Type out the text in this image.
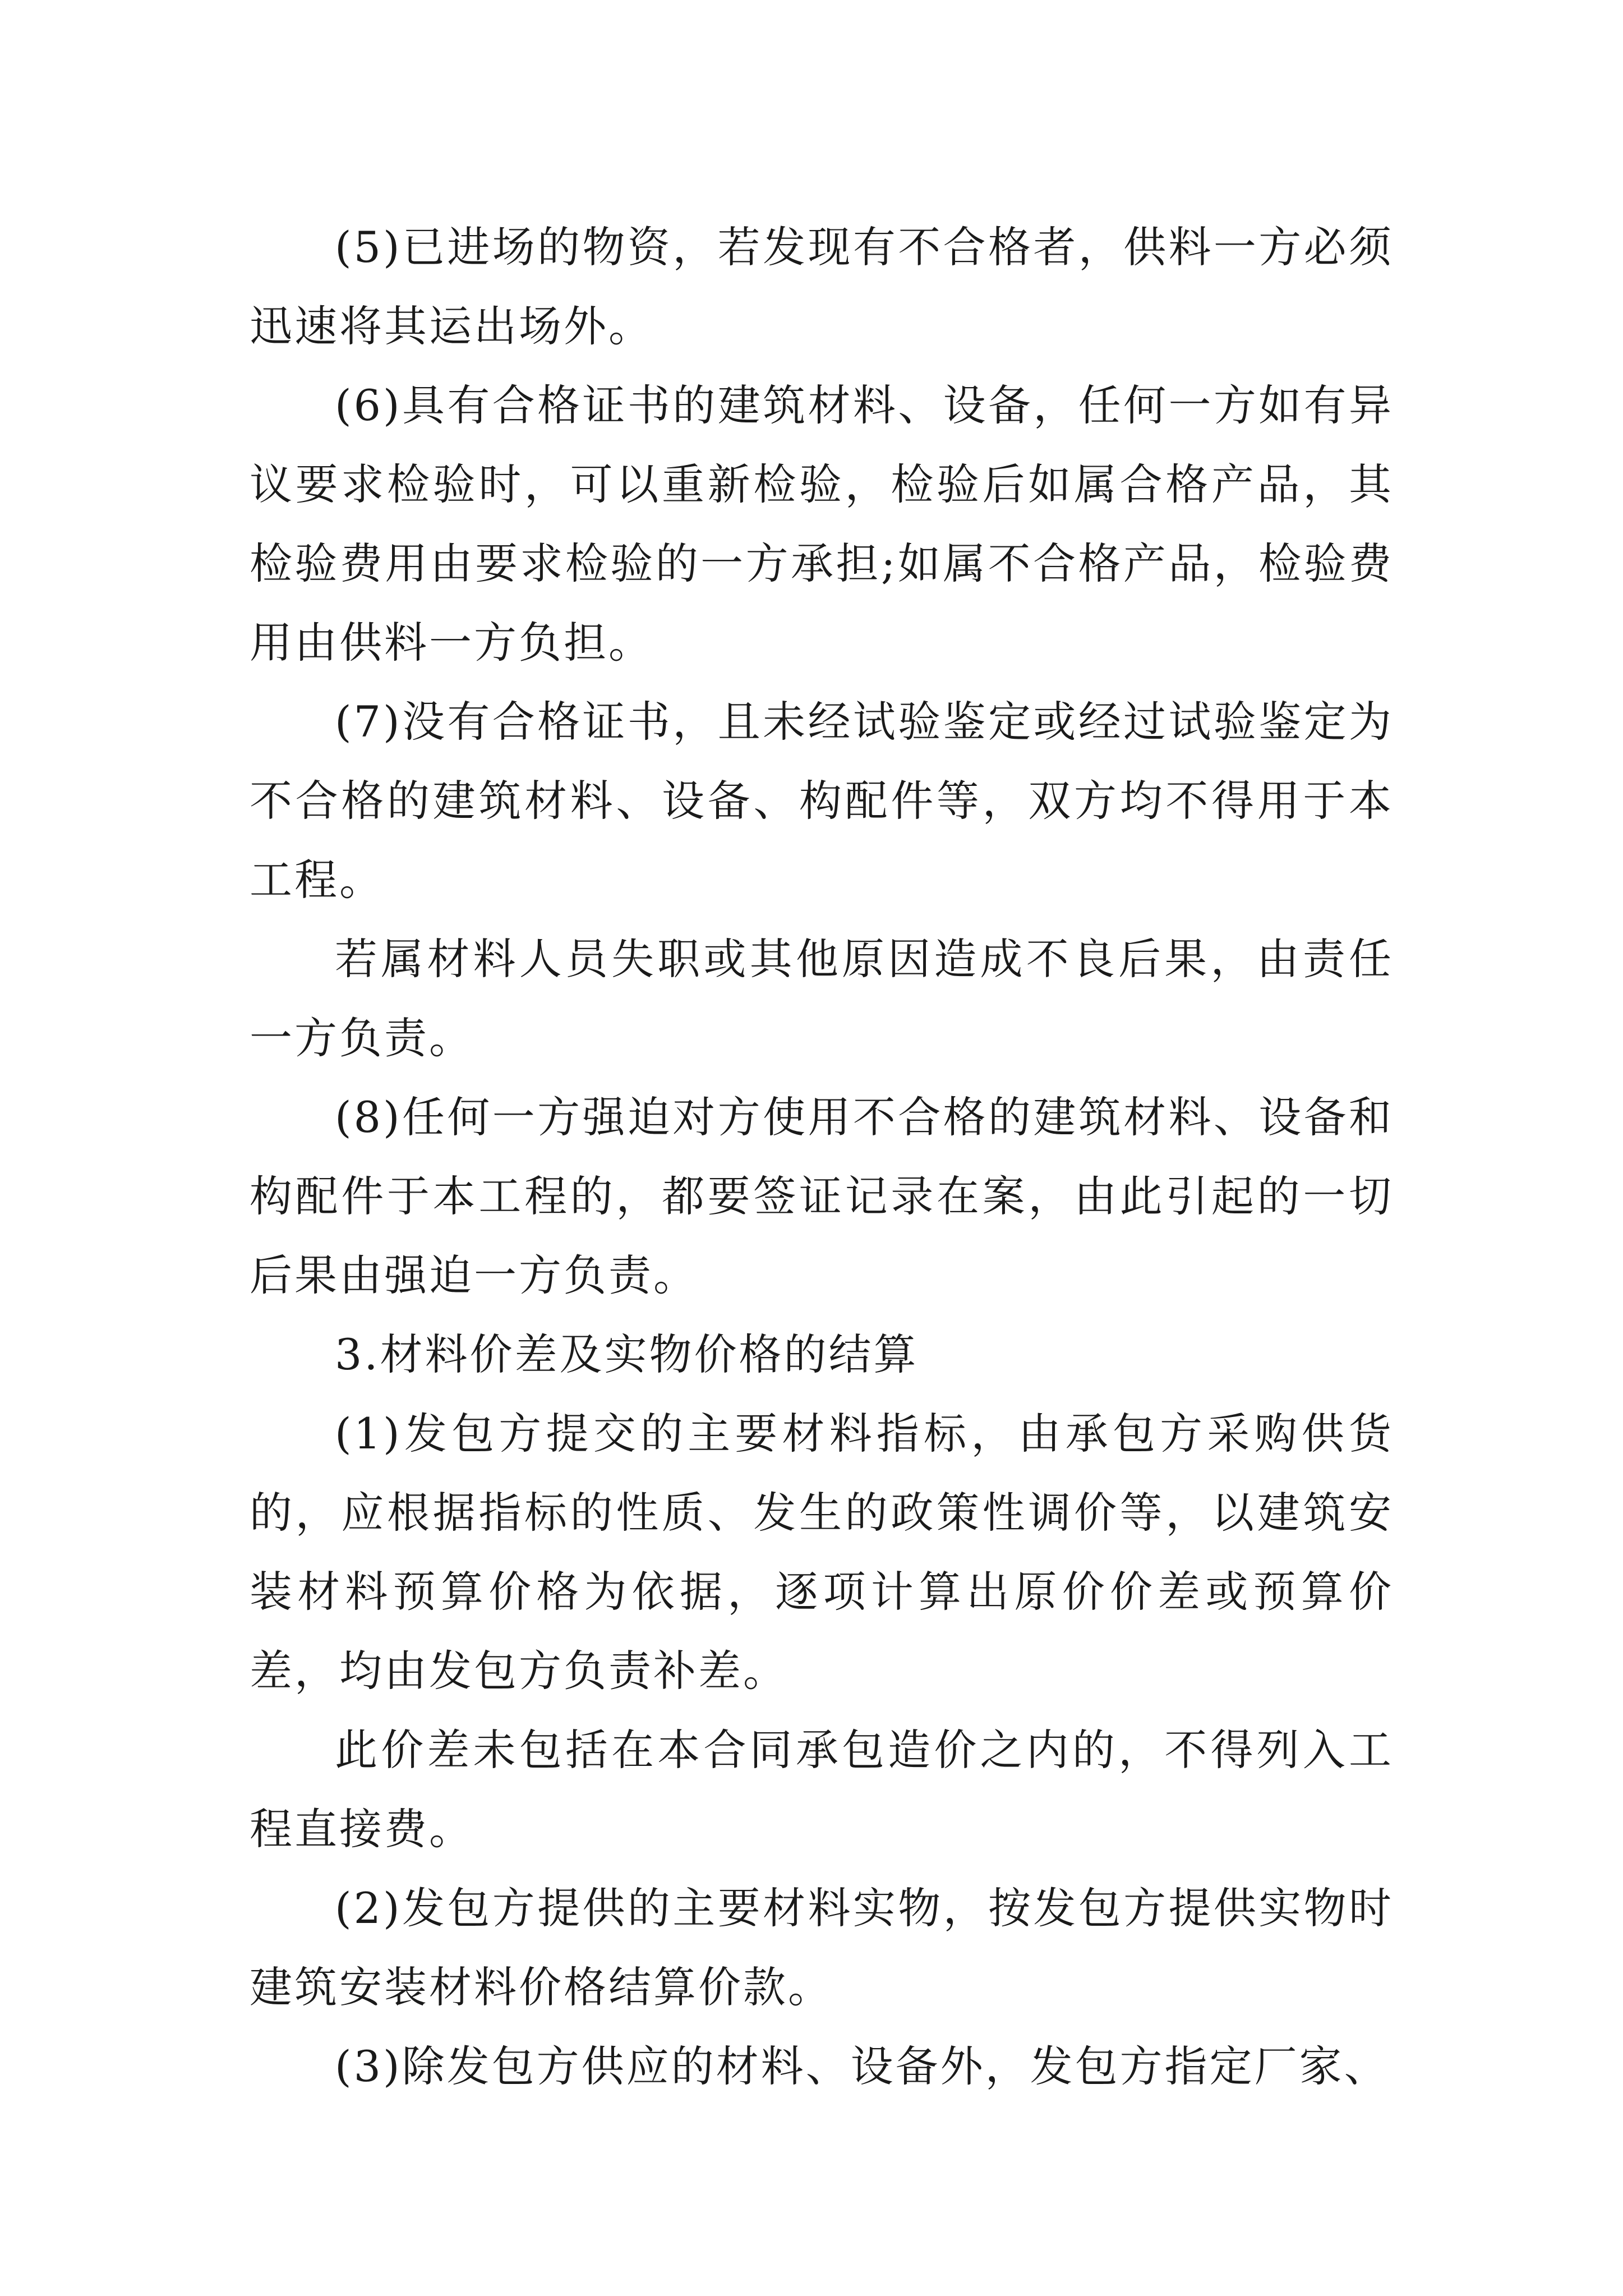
(5)已进场的物资，若发现有不合格者，供料一方必须迅速将其运出场外。

(6)具有合格证书的建筑材料、设备，任何一方如有异议要求检验时，可以重新检验，检验后如属合格产品，其检验费用由要求检验的一方承担;如属不合格产品，检验费用由供料一方负担。

(7)没有合格证书，且未经试验鉴定或经过试验鉴定为不合格的建筑材料、设备、构配件等，双方均不得用于本工程。

若属材料人员失职或其他原因造成不良后果，由责任一方负责。

(8)任何一方强迫对方使用不合格的建筑材料、设备和构配件于本工程的，都要签证记录在案，由此引起的一切后果由强迫一方负责。

3.材料价差及实物价格的结算

(1)发包方提交的主要材料指标，由承包方采购供货的，应根据指标的性质、发生的政策性调价等，以建筑安装材料预算价格为依据，逐项计算出原价价差或预算价差，均由发包方负责补差。

此价差未包括在本合同承包造价之内的，不得列入工程直接费。

(2)发包方提供的主要材料实物，按发包方提供实物时建筑安装材料价格结算价款。

(3)除发包方供应的材料、设备外，发包方指定厂家、
